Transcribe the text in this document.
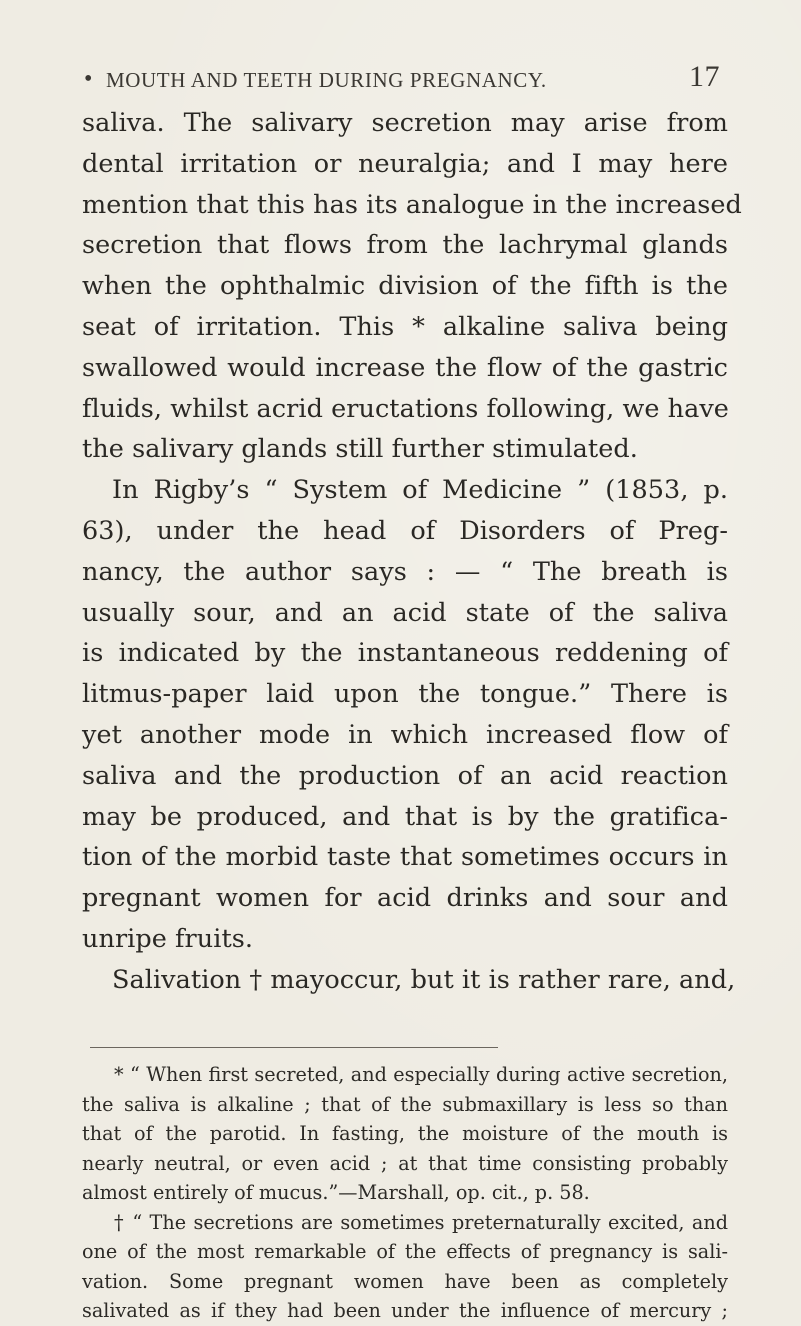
• MOUTH AND TEETH DURING PREGNANCY.	17
saliva. The salivary secretion may arise from
dental irritation or neuralgia; and I may here
mention that this has its analogue in the increased
secretion that flows from the lachrymal glands
when the ophthalmic division of the fifth is the
seat of irritation. This * alkaline saliva being
swallowed would increase the flow of the gastric
fluids, whilst acrid eructations following, we have
the salivary glands still further stimulated.
In Rigby’s “ System of Medicine ” (1853, p.
63), under the head of Disorders of Preg-
nancy, the author says : — “ The breath is
usually sour, and an acid state of the saliva
is indicated by the instantaneous reddening of
litmus-paper laid upon the tongue.” There is
yet another mode in which increased flow of
saliva and the production of an acid reaction
may be produced, and that is by the gratifica-
tion of the morbid taste that sometimes occurs in
pregnant women for acid drinks and sour and
unripe fruits.
Salivation † mayoccur, but it is rather rare, and,
* “ When first secreted, and especially during active secretion,
the saliva is alkaline ; that of the submaxillary is less so than
that of the parotid. In fasting, the moisture of the mouth is
nearly neutral, or even acid ; at that time consisting probably
almost entirely of mucus.”—Marshall, op. cit., p. 58.
† “ The secretions are sometimes preternaturally excited, and
one of the most remarkable of the effects of pregnancy is sali-
vation. Some pregnant women have been as completely
salivated as if they had been under the influence of mercury ;
